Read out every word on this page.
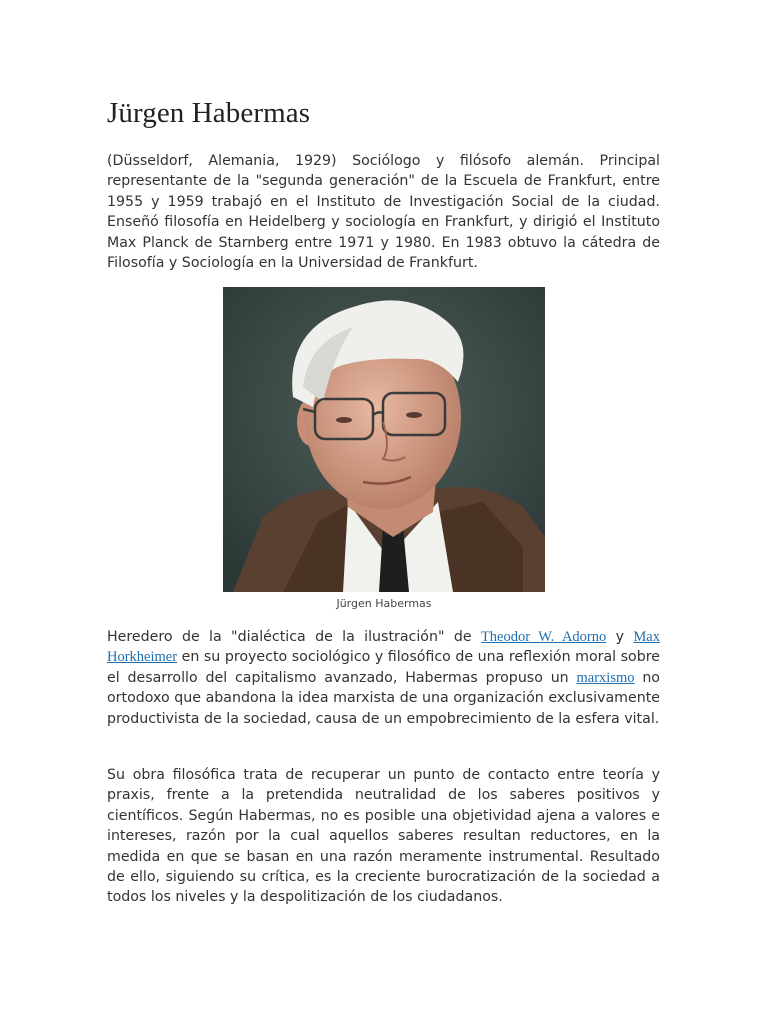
Jürgen Habermas

(Düsseldorf, Alemania, 1929) Sociólogo y filósofo alemán. Principal representante de la "segunda generación" de la Escuela de Frankfurt, entre 1955 y 1959 trabajó en el Instituto de Investigación Social de la ciudad. Enseñó filosofía en Heidelberg y sociología en Frankfurt, y dirigió el Instituto Max Planck de Starnberg entre 1971 y 1980. En 1983 obtuvo la cátedra de Filosofía y Sociología en la Universidad de Frankfurt.

Jürgen Habermas

Heredero de la "dialéctica de la ilustración" de Theodor W. Adorno y Max Horkheimer en su proyecto sociológico y filosófico de una reflexión moral sobre el desarrollo del capitalismo avanzado, Habermas propuso un marxismo no ortodoxo que abandona la idea marxista de una organización exclusivamente productivista de la sociedad, causa de un empobrecimiento de la esfera vital.

Su obra filosófica trata de recuperar un punto de contacto entre teoría y praxis, frente a la pretendida neutralidad de los saberes positivos y científicos. Según Habermas, no es posible una objetividad ajena a valores e intereses, razón por la cual aquellos saberes resultan reductores, en la medida en que se basan en una razón meramente instrumental. Resultado de ello, siguiendo su crítica, es la creciente burocratización de la sociedad a todos los niveles y la despolitización de los ciudadanos.
